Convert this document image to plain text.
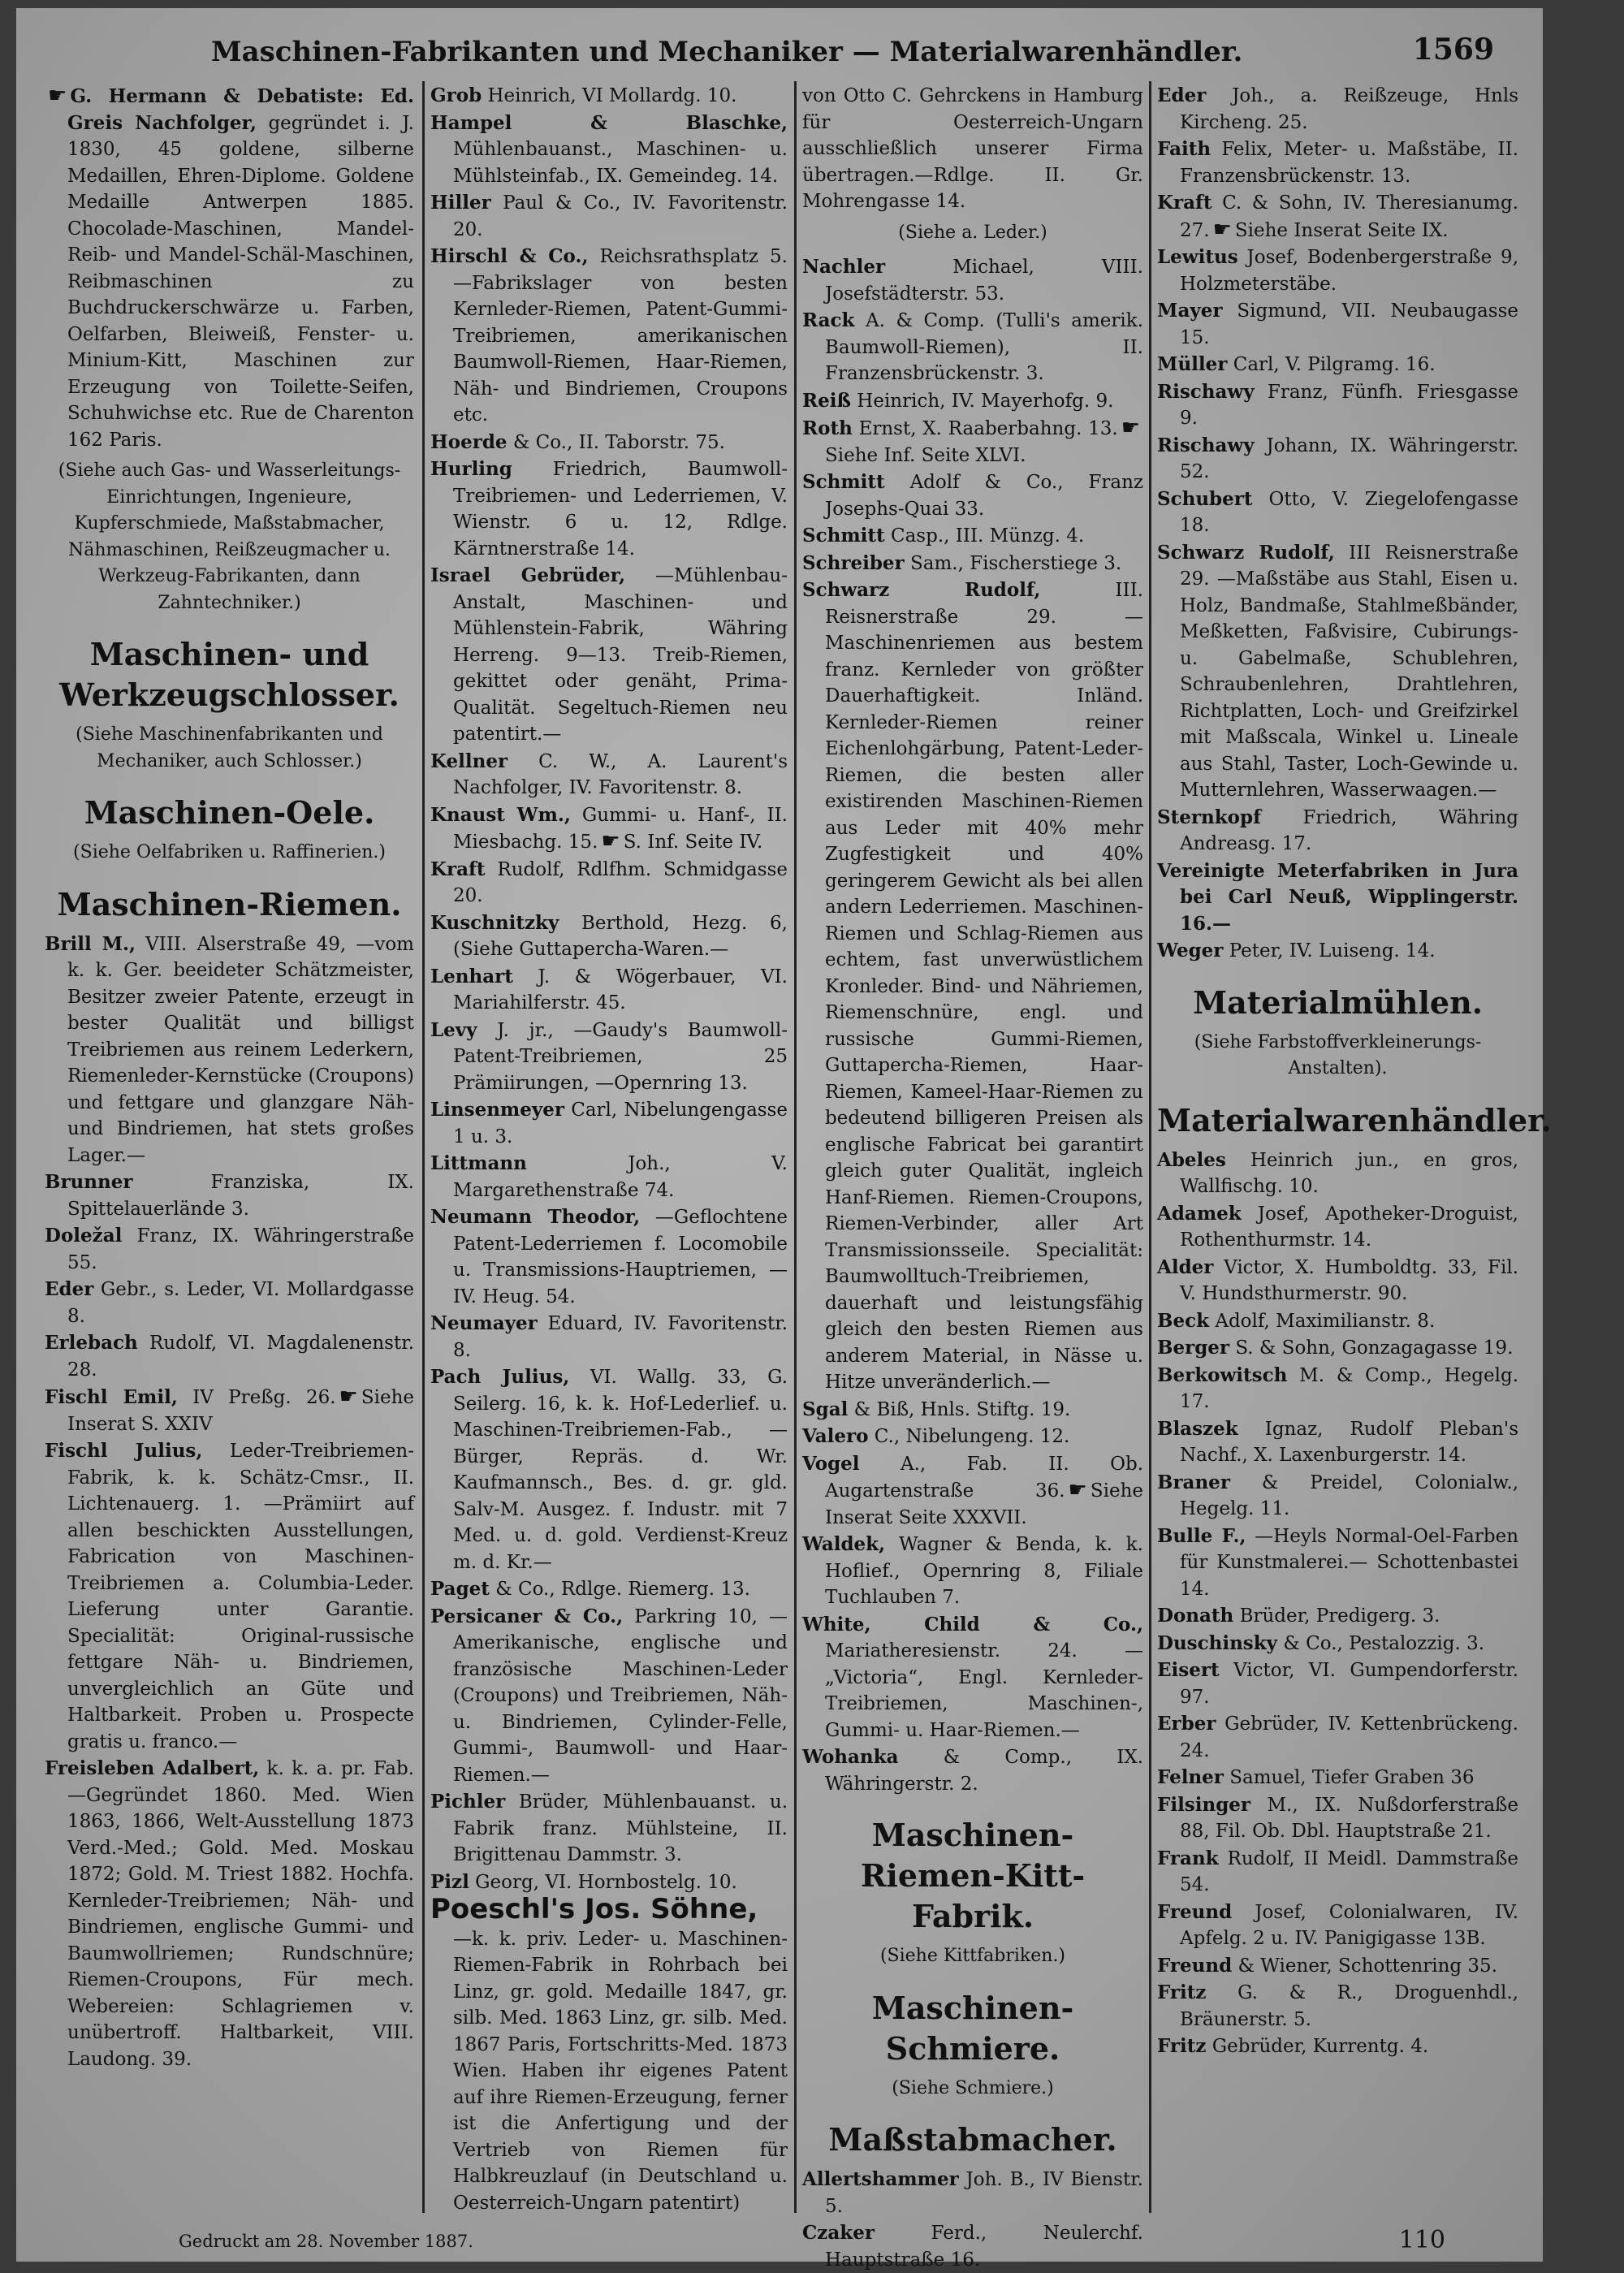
Maschinen-Fabrikanten und Mechaniker — Materialwarenhändler.	1569
☛ G. Hermann & Debatiste: Ed. Greis Nachfolger, gegründet i. J. 1830, 45 goldene, silberne Medaillen, Ehren-Diplome. Goldene Medaille Antwerpen 1885. Chocolade-Maschinen, Mandel-Reib- und Mandel-Schäl-Maschinen, Reibmaschinen zu Buchdruckerschwärze u. Farben, Oelfarben, Bleiweiß, Fenster- u. Minium-Kitt, Maschinen zur Erzeugung von Toilette-Seifen, Schuhwichse etc. Rue de Charenton 162 Paris.
(Siehe auch Gas- und Wasserleitungs-Einrichtungen, Ingenieure, Kupferschmiede, Maßstabmacher, Nähmaschinen, Reißzeugmacher u. Werkzeug-Fabrikanten, dann Zahntechniker.)
Maschinen- und Werkzeugschlosser.
(Siehe Maschinenfabrikanten und Mechaniker, auch Schlosser.)
Maschinen-Oele.
(Siehe Oelfabriken u. Raffinerien.)
Maschinen-Riemen.
Brill M., VIII. Alserstraße 49, —vom k. k. Ger. beeideter Schätzmeister, Besitzer zweier Patente, erzeugt in bester Qualität und billigst Treibriemen aus reinem Lederkern, Riemenleder-Kernstücke (Croupons) und fettgare und glanzgare Näh- und Bindriemen, hat stets großes Lager.—
Brunner	Franziska, IX. Spittelauerlände 3.
Doležal Franz, IX. Währingerstraße 55.
Eder Gebr., s. Leder, VI. Mollardgasse 8.
Erlebach Rudolf, VI. Magdalenenstr. 28.
Fischl Emil, IV Preßg. 26. ☛ Siehe Inserat S. XXIV
Fischl Julius, Leder-Treibriemen-Fabrik, k. k. Schätz-Cmsr., II. Lichtenauerg. 1. —Prämiirt auf allen beschickten Ausstellungen, Fabrication von Maschinen-Treibriemen a. Columbia-Leder. Lieferung unter Garantie. Specialität: Original-russische fettgare Näh- u. Bindriemen, unvergleichlich an Güte und Haltbarkeit. Proben u. Prospecte gratis u. franco.—
Freisleben Adalbert, k. k. a. pr. Fab. —Gegründet 1860. Med. Wien 1863, 1866, Welt-Ausstellung 1873 Verd.-Med.; Gold. Med. Moskau 1872; Gold. M. Triest 1882. Hochfa. Kernleder-Treibriemen; Näh- und Bindriemen, englische Gummi- und Baumwollriemen; Rundschnüre; Riemen-Croupons, Für mech. Webereien: Schlagriemen v. unübertroff. Haltbarkeit, VIII. Laudong. 39.
Grob Heinrich, VI Mollardg. 10.
Hampel & Blaschke, Mühlenbauanst., Maschinen- u. Mühlsteinfab., IX. Gemeindeg. 14.
Hiller Paul & Co., IV. Favoritenstr. 20.
Hirschl & Co., Reichsrathsplatz 5. —Fabrikslager von besten Kernleder-Riemen, Patent-Gummi-Treibriemen, amerikanischen Baumwoll-Riemen, Haar-Riemen, Näh- und Bindriemen, Croupons etc.
Hoerde & Co., II. Taborstr. 75.
Hurling Friedrich, Baumwoll-Treibriemen- und Lederriemen, V. Wienstr. 6 u. 12, Rdlge. Kärntnerstraße 14.
Israel Gebrüder, —Mühlenbau-Anstalt, Maschinen- und Mühlenstein-Fabrik, Währing Herreng. 9—13. Treib-Riemen, gekittet oder genäht, Prima-Qualität. Segeltuch-Riemen neu patentirt.—
Kellner C. W., A. Laurent's Nachfolger, IV. Favoritenstr. 8.
Knaust Wm., Gummi- u. Hanf-, II. Miesbachg. 15. ☛ S. Inf. Seite IV.
Kraft Rudolf, Rdlfhm. Schmidgasse 20.
Kuschnitzky Berthold, Hezg. 6, (Siehe Guttapercha-Waren.—
Lenhart J. & Wögerbauer, VI. Mariahilferstr. 45.
Levy J. jr., —Gaudy's Baumwoll-Patent-Treibriemen, 25 Prämiirungen, —Opernring 13.
Linsenmeyer Carl, Nibelungengasse 1 u. 3.
Littmann	Joh., V. Margarethenstraße 74.
Neumann Theodor, —Geflochtene Patent-Lederriemen f. Locomobile u. Transmissions-Hauptriemen, —IV. Heug. 54.
Neumayer Eduard, IV. Favoritenstr. 8.
Pach Julius, VI. Wallg. 33, G. Seilerg. 16, k. k. Hof-Lederlief. u. Maschinen-Treibriemen-Fab., —Bürger, Repräs. d. Wr. Kaufmannsch., Bes. d. gr. gld. Salv-M. Ausgez. f. Industr. mit 7 Med. u. d. gold. Verdienst-Kreuz m. d. Kr.—
Paget & Co., Rdlge. Riemerg. 13.
Persicaner & Co., Parkring 10, —Amerikanische, englische und französische Maschinen-Leder (Croupons) und Treibriemen, Näh- u. Bindriemen, Cylinder-Felle, Gummi-, Baumwoll- und Haar-Riemen.—
Pichler Brüder, Mühlenbauanst. u. Fabrik franz. Mühlsteine, II. Brigittenau Dammstr. 3.
Pizl Georg, VI. Hornbostelg. 10.
Poeschl's Jos. Söhne,
—k. k. priv. Leder- u. Maschinen-Riemen-Fabrik in Rohrbach bei Linz, gr. gold. Medaille 1847, gr. silb. Med. 1863 Linz, gr. silb. Med. 1867 Paris, Fortschritts-Med. 1873 Wien. Haben ihr eigenes Patent auf ihre Riemen-Erzeugung, ferner ist die Anfertigung und der Vertrieb von Riemen für Halbkreuzlauf (in Deutschland u. Oesterreich-Ungarn patentirt)
von Otto C. Gehrckens in Hamburg für Oesterreich-Ungarn ausschließlich unserer Firma übertragen.—Rdlge. II. Gr. Mohrengasse 14.
(Siehe a. Leder.)
Nachler	Michael, VIII. Josefstädterstr. 53.
Rack A. & Comp. (Tulli's amerik. Baumwoll-Riemen), II. Franzensbrückenstr. 3.
Reiß Heinrich, IV. Mayerhofg. 9.
Roth Ernst, X. Raaberbahng. 13. ☛Siehe Inf. Seite XLVI.
Schmitt Adolf & Co., Franz Josephs-Quai 33.
Schmitt Casp., III. Münzg. 4.
Schreiber Sam., Fischerstiege 3.
Schwarz Rudolf,	III. Reisnerstraße 29. —Maschinenriemen aus bestem franz. Kernleder von größter Dauerhaftigkeit. Inländ. Kernleder-Riemen reiner Eichenlohgärbung, Patent-Leder-Riemen, die besten aller existirenden Maschinen-Riemen aus Leder mit 40% mehr Zugfestigkeit und 40% geringerem Gewicht als bei allen andern Lederriemen. Maschinen-Riemen und Schlag-Riemen aus echtem, fast unverwüstlichem Kronleder. Bind- und Nähriemen, Riemenschnüre, engl. und russische Gummi-Riemen, Guttapercha-Riemen, Haar-Riemen, Kameel-Haar-Riemen zu bedeutend billigeren Preisen als englische Fabricat bei garantirt gleich guter Qualität, ingleich Hanf-Riemen. Riemen-Croupons, Riemen-Verbinder, aller Art Transmissionsseile. Specialität: Baumwolltuch-Treibriemen, dauerhaft und leistungsfähig gleich den besten Riemen aus anderem Material, in Nässe u. Hitze unveränderlich.—
Sgal & Biß, Hnls. Stiftg. 19.
Valero C., Nibelungeng. 12.
Vogel A., Fab. II. Ob. Augartenstraße 36. ☛ Siehe Inserat Seite XXXVII.
Waldek, Wagner & Benda, k. k. Hoflief., Opernring 8, Filiale Tuchlauben 7.
White, Child & Co., Mariatheresienstr. 24. —„Victoria“, Engl. Kernleder-Treibriemen, Maschinen-, Gummi- u. Haar-Riemen.—
Wohanka & Comp., IX. Währingerstr. 2.
Maschinen-Riemen-Kitt-Fabrik.
(Siehe Kittfabriken.)
Maschinen-Schmiere.
(Siehe Schmiere.)
Maßstabmacher.
Allertshammer Joh. B., IV Bienstr. 5.
Czaker	Ferd., Neulerchf. Hauptstraße 16.
Eder Joh., a. Reißzeuge, Hnls Kircheng. 25.
Faith Felix, Meter- u. Maßstäbe, II. Franzensbrückenstr. 13.
Kraft C. & Sohn, IV. Theresianumg. 27. ☛ Siehe Inserat Seite IX.
Lewitus Josef, Bodenbergerstraße 9, Holzmeterstäbe.
Mayer Sigmund, VII. Neubaugasse 15.
Müller Carl, V. Pilgramg. 16.
Rischawy Franz, Fünfh. Friesgasse 9.
Rischawy Johann, IX. Währingerstr. 52.
Schubert Otto, V. Ziegelofengasse 18.
Schwarz Rudolf, III Reisnerstraße 29. —Maßstäbe aus Stahl, Eisen u. Holz, Bandmaße, Stahlmeßbänder, Meßketten, Faßvisire, Cubirungs- u. Gabelmaße, Schublehren, Schraubenlehren, Drahtlehren, Richtplatten, Loch- und Greifzirkel mit Maßscala, Winkel u. Lineale aus Stahl, Taster, Loch-Gewinde u. Mutternlehren, Wasserwaagen.—
Sternkopf Friedrich, Währing Andreasg. 17.
Vereinigte Meterfabriken in Jura bei Carl Neuß, Wipplingerstr. 16.—
Weger Peter, IV. Luiseng. 14.
Materialmühlen.
(Siehe Farbstoffverkleinerungs-Anstalten).
Materialwarenhändler.
Abeles Heinrich jun., en gros, Wallfischg. 10.
Adamek Josef, Apotheker-Droguist, Rothenthurmstr. 14.
Alder Victor, X. Humboldtg. 33, Fil. V. Hundsthurmerstr. 90.
Beck Adolf, Maximilianstr. 8.
Berger S. & Sohn, Gonzagagasse 19.
Berkowitsch M. & Comp., Hegelg. 17.
Blaszek Ignaz, Rudolf Pleban's Nachf., X. Laxenburgerstr. 14.
Braner & Preidel, Colonialw., Hegelg. 11.
Bulle F., —Heyls Normal-Oel-Farben für Kunstmalerei.— Schottenbastei 14.
Donath Brüder, Predigerg. 3.
Duschinsky & Co., Pestalozzig. 3.
Eisert Victor, VI. Gumpendorferstr. 97.
Erber Gebrüder, IV. Kettenbrückeng. 24.
Felner Samuel, Tiefer Graben 36
Filsinger M., IX. Nußdorferstraße 88, Fil. Ob. Dbl. Hauptstraße 21.
Frank Rudolf, II Meidl. Dammstraße 54.
Freund Josef, Colonialwaren, IV. Apfelg. 2 u. IV. Panigigasse 13B.
Freund & Wiener, Schottenring 35.
Fritz G. & R., Droguenhdl., Bräunerstr. 5.
Fritz Gebrüder, Kurrentg. 4.
Gedruckt am 28. November 1887.	110
